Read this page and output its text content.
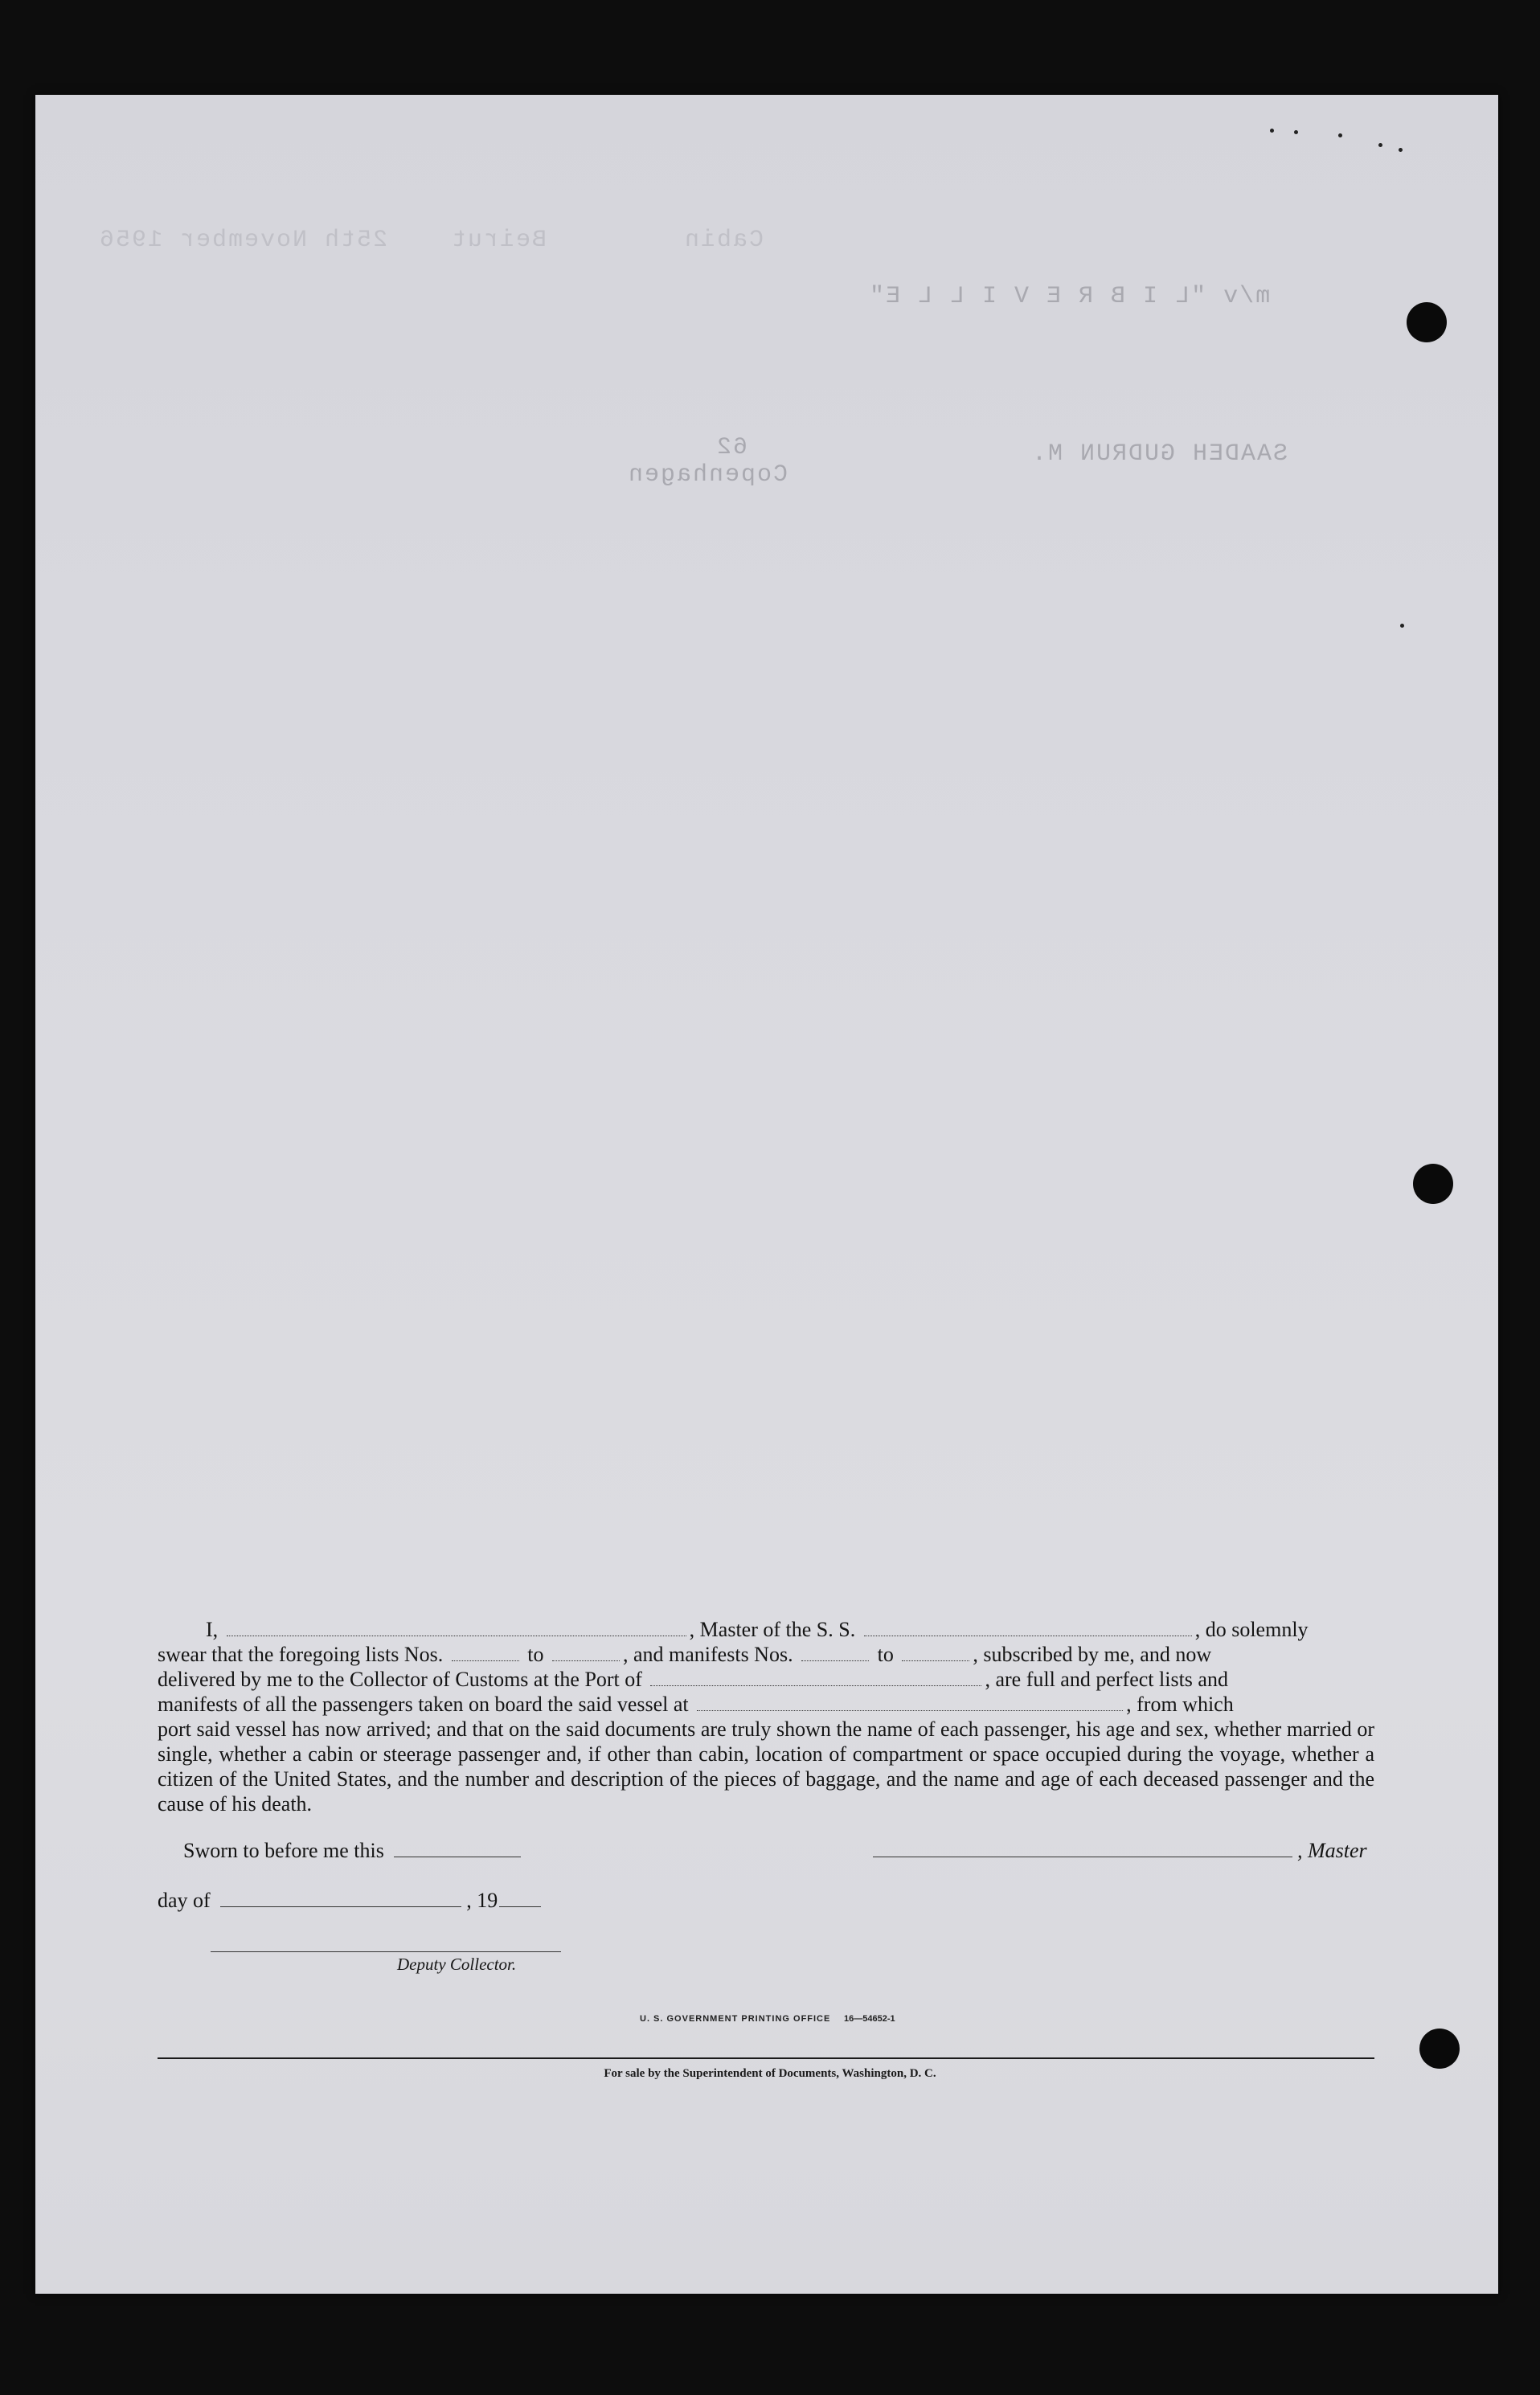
25th November 1956	Beirut	Cabin
m/v "L I B R E V I L L E"
SAADEH GUDRUN M.
62
Copenhagen

I,	, Master of the S. S.	, do solemnly

swear that the foregoing lists Nos.	to	, and manifests Nos.	to	, subscribed by me, and now

delivered by me to the Collector of Customs at the Port of	, are full and perfect lists and

manifests of all the passengers taken on board the said vessel at	, from which

port said vessel has now arrived; and that on the said documents are truly shown the name of each passenger, his age and sex, whether married or single, whether a cabin or steerage passenger and, if other than cabin, location of compartment or space occupied during the voyage, whether a citizen of the United States, and the number and description of the pieces of baggage, and the name and age of each deceased passenger and the cause of his death.

Sworn to before me this	, Master
day of	, 19
Deputy Collector.
U. S. GOVERNMENT PRINTING OFFICE 16—54652-1
For sale by the Superintendent of Documents, Washington, D. C.
